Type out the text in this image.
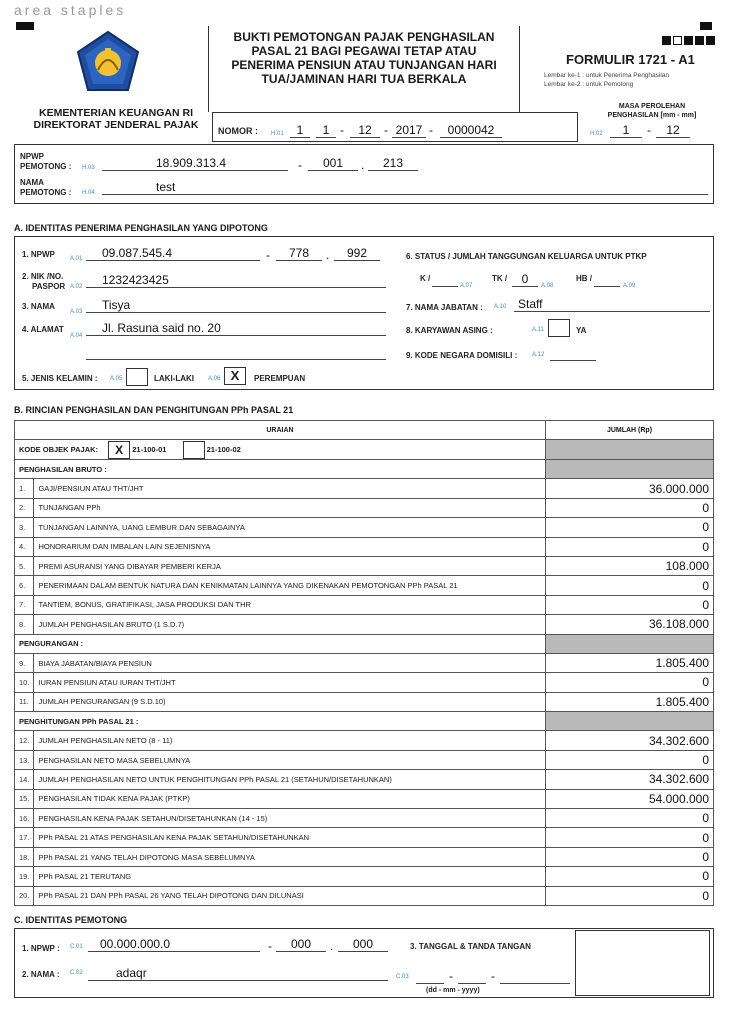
area staples
KEMENTERIAN KEUANGAN RI
DIREKTORAT JENDERAL PAJAK
BUKTI PEMOTONGAN PAJAK PENGHASILAN
PASAL 21 BAGI PEGAWAI TETAP ATAU
PENERIMA PENSIUN ATAU TUNJANGAN HARI
TUA/JAMINAN HARI TUA BERKALA
FORMULIR 1721 - A1
Lembar ke-1 : untuk Penerima Penghasilan
Lembar ke-2 : untuk Pemotong
MASA PEROLEHAN
PENGHASILAN [mm - mm]
H.02	1	-	12
NOMOR : H.01	1	1 -	12	- 2017 -	0000042
NPWP
PEMOTONG : H.03	18.909.313.4	-	001	.	213
NAMA
PEMOTONG : H.04	test
A. IDENTITAS PENERIMA PENGHASILAN YANG DIPOTONG
1. NPWP	A.01	09.087.545.4	-	778	.	992
2. NIK /NO.
PASPOR A.02	1232423425
3. NAMA
A.03	Tisya
4. ALAMAT
A.04
Jl. Rasuna said no. 20
5. JENIS KELAMIN : A.05	LAKI-LAKI A.06 X	PEREMPUAN
6. STATUS / JUMLAH TANGGUNGAN KELUARGA UNTUK PTKP
K /
A.07
TK /	0	A.08
HB /
A.09
7. NAMA JABATAN : A.10 Staff
8. KARYAWAN ASING :	A.11	YA
9. KODE NEGARA DOMISILI : A.12
B. RINCIAN PENGHASILAN DAN PENGHITUNGAN PPh PASAL 21
URAIAN		JUMLAH (Rp)
KODE OBJEK PAJAK: X 21-100-01 21-100-02		
PENGHASILAN BRUTO :		
1.	GAJI/PENSIUN ATAU THT/JHT	36.000.000
2.	TUNJANGAN PPh	0
3.	TUNJANGAN LAINNYA, UANG LEMBUR DAN SEBAGAINYA	0
4.	HONORARIUM DAN IMBALAN LAIN SEJENISNYA	0
5.	PREMI ASURANSI YANG DIBAYAR PEMBERI KERJA	108.000
6.	PENERIMAAN DALAM BENTUK NATURA DAN KENIKMATAN LAINNYA YANG DIKENAKAN PEMOTONGAN PPh PASAL 21	0
7.	TANTIEM, BONUS, GRATIFIKASI, JASA PRODUKSI DAN THR	0
8.	JUMLAH PENGHASILAN BRUTO (1 S.D.7)	36.108.000
PENGURANGAN :		
9.	BIAYA JABATAN/BIAYA PENSIUN	1.805.400
10.	IURAN PENSIUN ATAU IURAN THT/JHT	0
11.	JUMLAH PENGURANGAN (9 S.D.10)	1.805.400
PENGHITUNGAN PPh PASAL 21 :		
12.	JUMLAH PENGHASILAN NETO (8 - 11)	34.302.600
13.	PENGHASILAN NETO MASA SEBELUMNYA	0
14.	JUMLAH PENGHASILAN NETO UNTUK PENGHITUNGAN PPh PASAL 21 (SETAHUN/DISETAHUNKAN)	34.302.600
15.	PENGHASILAN TIDAK KENA PAJAK (PTKP)	54.000.000
16.	PENGHASILAN KENA PAJAK SETAHUN/DISETAHUNKAN (14 - 15)	0
17.	PPh PASAL 21 ATAS PENGHASILAN KENA PAJAK SETAHUN/DISETAHUNKAN	0
18.	PPh PASAL 21 YANG TELAH DIPOTONG MASA SEBELUMNYA	0
19.	PPh PASAL 21 TERUTANG	0
20.	PPh PASAL 21 DAN PPh PASAL 26 YANG TELAH DIPOTONG DAN DILUNASI	0
C. IDENTITAS PEMOTONG
1. NPWP : C.01	00.000.000.0	-	000	.	000	3. TANGGAL & TANDA TANGAN
2. NAMA : C.02	adaqr	C.03	-	-
(dd - mm - yyyy)
